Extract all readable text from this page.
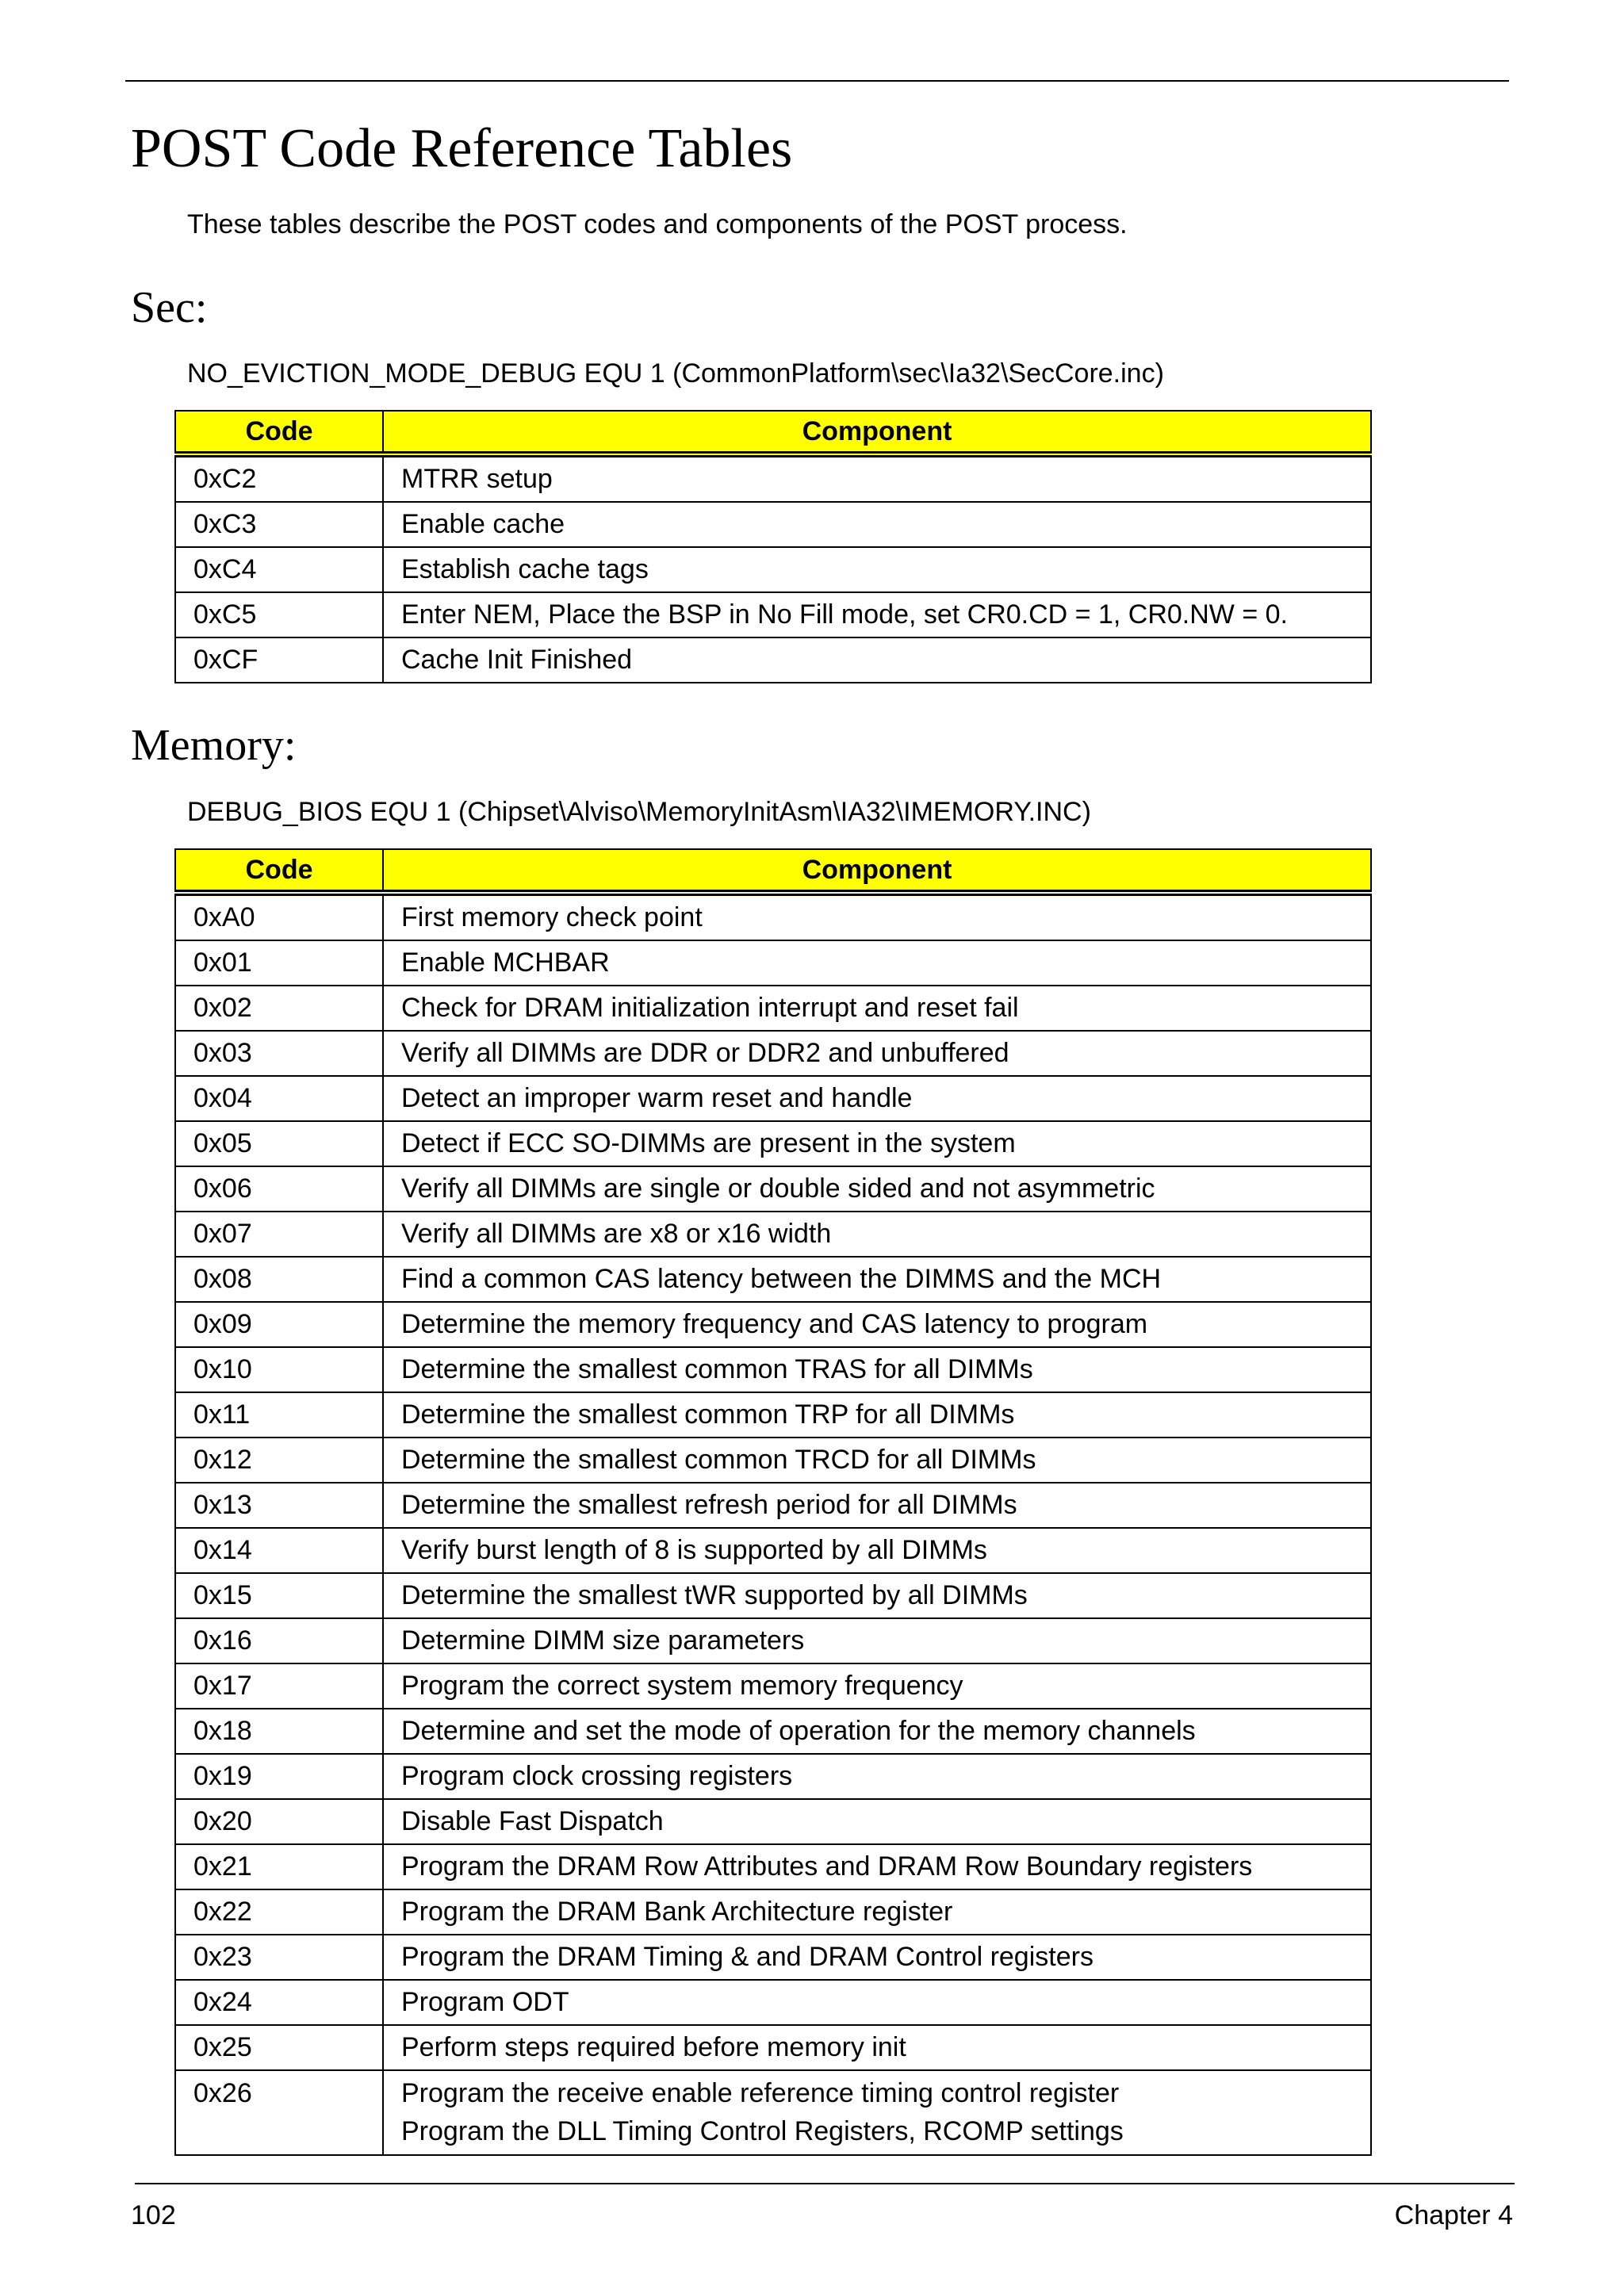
POST Code Reference Tables
These tables describe the POST codes and components of the POST process.
Sec:
NO_EVICTION_MODE_DEBUG EQU 1 (CommonPlatform\sec\Ia32\SecCore.inc)
Code	Component
0xC2	MTRR setup
0xC3	Enable cache
0xC4	Establish cache tags
0xC5	Enter NEM, Place the BSP in No Fill mode, set CR0.CD = 1, CR0.NW = 0.
0xCF	Cache Init Finished
Memory:
DEBUG_BIOS EQU 1 (Chipset\Alviso\MemoryInitAsm\IA32\IMEMORY.INC)
Code	Component
0xA0	First memory check point
0x01	Enable MCHBAR
0x02	Check for DRAM initialization interrupt and reset fail
0x03	Verify all DIMMs are DDR or DDR2 and unbuffered
0x04	Detect an improper warm reset and handle
0x05	Detect if ECC SO-DIMMs are present in the system
0x06	Verify all DIMMs are single or double sided and not asymmetric
0x07	Verify all DIMMs are x8 or x16 width
0x08	Find a common CAS latency between the DIMMS and the MCH
0x09	Determine the memory frequency and CAS latency to program
0x10	Determine the smallest common TRAS for all DIMMs
0x11	Determine the smallest common TRP for all DIMMs
0x12	Determine the smallest common TRCD for all DIMMs
0x13	Determine the smallest refresh period for all DIMMs
0x14	Verify burst length of 8 is supported by all DIMMs
0x15	Determine the smallest tWR supported by all DIMMs
0x16	Determine DIMM size parameters
0x17	Program the correct system memory frequency
0x18	Determine and set the mode of operation for the memory channels
0x19	Program clock crossing registers
0x20	Disable Fast Dispatch
0x21	Program the DRAM Row Attributes and DRAM Row Boundary registers
0x22	Program the DRAM Bank Architecture register
0x23	Program the DRAM Timing & and DRAM Control registers
0x24	Program ODT
0x25	Perform steps required before memory init
0x26	Program the receive enable reference timing control register
Program the DLL Timing Control Registers, RCOMP settings
102	Chapter 4
